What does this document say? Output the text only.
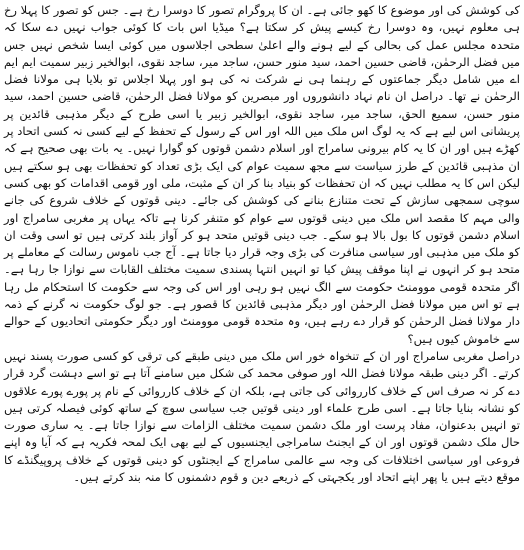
کی کوشش کی اور موضوع کا کھو جائی ہے۔ ان کا پروگرام تصور کا دوسرا رخ ہے۔ جس کو تصور کا پہلا رخ ہی معلوم نہیں، وہ دوسرا رخ کیسے پیش کر سکتا ہے؟ میڈیا اس بات کا کوئی جواب نہیں دے سکا کہ متحدہ مجلس عمل کی بحالی کے لیے ہونے والے اعلیٰ سطحی اجلاسوں میں کوئی ایسا شخص نہیں جس میں فضل الرحمٰن، قاضی حسین احمد، سید منور حسن، ساجد میر، ساجد نقوی، ابوالخیر زبیر سمیت ایم ایم اے میں شامل دیگر جماعتوں کے رہنما ہی نے شرکت نہ کی ہو اور پہلا اجلاس تو بلایا ہی مولانا فضل الرحمٰن نے تھا۔ دراصل ان نام نہاد دانشوروں اور مبصرین کو مولانا فضل الرحمٰن، قاضی حسین احمد، سید منور حسن، سمیع الحق، ساجد میر، ساجد نقوی، ابوالخیر زبیر یا اسی طرح کے دیگر مذہبی قائدین پر پریشانی اس لیے ہے کہ یہ لوگ اس ملک میں اللہ اور اس کے رسول کے تحفظ کے لیے کسی نہ کسی اتحاد پر کھڑے ہیں اور ان کا یہ کام بیرونی سامراج اور اسلام دشمن قوتوں کو گوارا نہیں۔ یہ بات بھی صحیح ہے کہ ان مذہبی قائدین کے طرز سیاست سے مجھ سمیت عوام کی ایک بڑی تعداد کو تحفظات بھی ہو سکتے ہیں لیکن اس کا یہ مطلب نہیں کہ ان تحفظات کو بنیاد بنا کر ان کے مثبت، ملی اور قومی اقدامات کو بھی کسی سوچی سمجھی سازش کے تحت متنازع بنانے کی کوشش کی جائے۔ دینی قوتوں کے خلاف شروع کی جانے والی مہم کا مقصد اس ملک میں دینی قوتوں سے عوام کو متنفر کرنا ہے تاکہ یہاں پر مغربی سامراج اور اسلام دشمن قوتوں کا بول بالا ہو سکے۔ جب دینی قوتیں متحد ہو کر آواز بلند کرتی ہیں تو اسی وقت ان کو ملک میں مذہبی اور سیاسی منافرت کی بڑی وجہ قرار دیا جاتا ہے۔ آج جب ناموس رسالت کے معاملے پر متحد ہو کر انہوں نے اپنا موقف پیش کیا تو انہیں انتہا پسندی سمیت مختلف القابات سے نوازا جا رہا ہے۔ اگر متحدہ قومی موومنٹ حکومت سے الگ نہیں ہو رہی اور اس کی وجہ سے حکومت کا استحکام مل رہا ہے تو اس میں مولانا فضل الرحمٰن اور دیگر مذہبی قائدین کا قصور ہے۔ جو لوگ حکومت نہ گرنے کے ذمہ دار مولانا فضل الرحمٰن کو قرار دے رہے ہیں، وہ متحدہ قومی موومنٹ اور دیگر حکومتی اتحادیوں کے حوالے سے خاموش کیوں ہیں؟

دراصل مغربی سامراج اور ان کے تنخواہ خور اس ملک میں دینی طبقے کی ترقی کو کسی صورت پسند نہیں کرتے۔ اگر دینی طبقہ مولانا فضل اللہ اور صوفی محمد کی شکل میں سامنے آتا ہے تو اسے دہشت گرد قرار دے کر نہ صرف اس کے خلاف کارروائی کی جاتی ہے، بلکہ ان کے خلاف کارروائی کے نام پر پورے پورے علاقوں کو نشانہ بنایا جاتا ہے۔ اسی طرح علماء اور دینی قوتیں جب سیاسی سوچ کے ساتھ کوئی فیصلہ کرتی ہیں تو انہیں بدعنوان، مفاد پرست اور ملک دشمن سمیت مختلف الزامات سے نوازا جاتا ہے۔ یہ ساری صورت حال ملک دشمن قوتوں اور ان کے ایجنٹ سامراجی ایجنسیوں کے لیے بھی ایک لمحہ فکریہ ہے کہ آیا وہ اپنے فروعی اور سیاسی اختلافات کی وجہ سے عالمی سامراج کے ایجنٹوں کو دینی قوتوں کے خلاف پروپیگنڈے کا موقع دیتے ہیں یا پھر اپنے اتحاد اور یکجہتی کے ذریعے دین و قوم دشمنوں کا منہ بند کرتے ہیں۔
